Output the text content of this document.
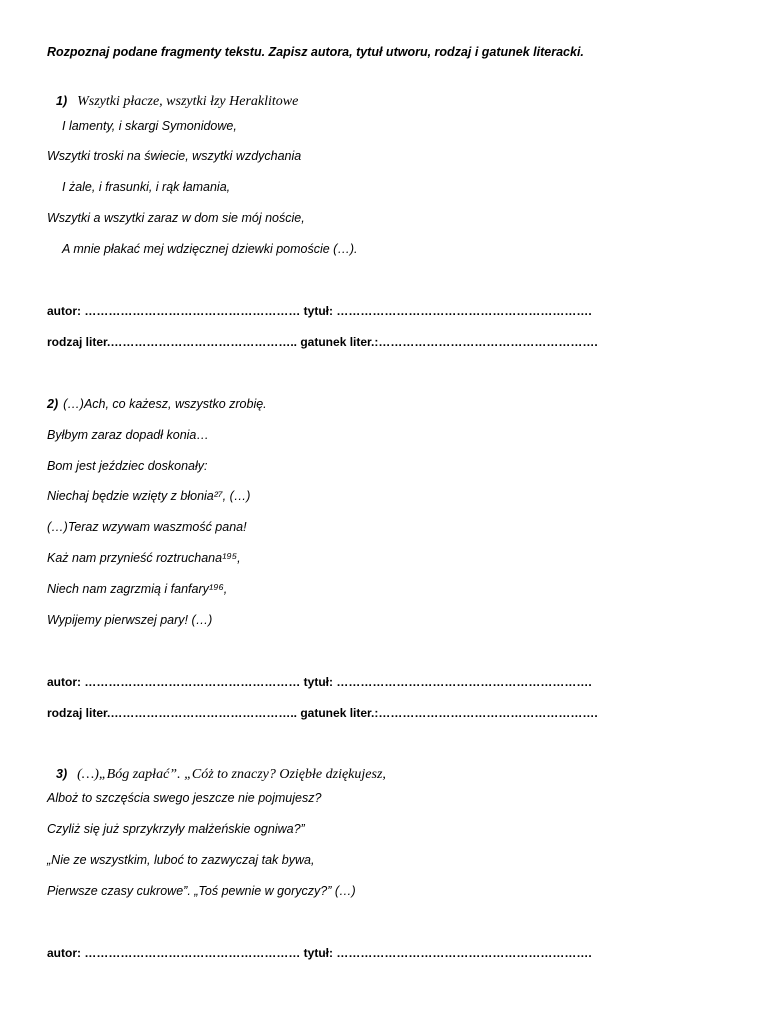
Rozpoznaj podane fragmenty tekstu. Zapisz autora, tytuł utworu, rodzaj i gatunek literacki.
1) Wszytki płacze, wszytki łzy Heraklitowe
I lamenty, i skargi Symonidowe,
Wszytki troski na świecie, wszytki wzdychania
I żale, i frasunki, i rąk łamania,
Wszytki a wszytki zaraz w dom sie mój noście,
A mnie płakać mej wdzięcznej dziewki pomoście (…).
autor: ……………………………………………… tytuł: ……………………………………………………….
rodzaj liter.……………………………………….. gatunek liter.:……………………………………………….
2) (…)Ach, co każesz, wszystko zrobię.
Byłbym zaraz dopadł konia…
Bom jest jeździec doskonały:
Niechaj będzie wzięty z błonia²⁷, (…)
(…)Teraz wzywam waszmość pana!
Każ nam przynieść roztruchana¹⁹⁵,
Niech nam zagrzmią i fanfary¹⁹⁶,
Wypijemy pierwszej pary! (…)
autor: ……………………………………………… tytuł: ……………………………………………………….
rodzaj liter.……………………………………….. gatunek liter.:……………………………………………….
3) (…)„Bóg zapłać”. „Cóż to znaczy? Oziębłe dziękujesz,
Alboż to szczęścia swego jeszcze nie pojmujesz?
Czyliż się już sprzykrzyły małżeńskie ogniwa?”
„Nie ze wszystkim, luboć to zazwyczaj tak bywa,
Pierwsze czasy cukrowe”. „Toś pewnie w goryczy?” (…)
autor: ……………………………………………… tytuł: ……………………………………………………….
